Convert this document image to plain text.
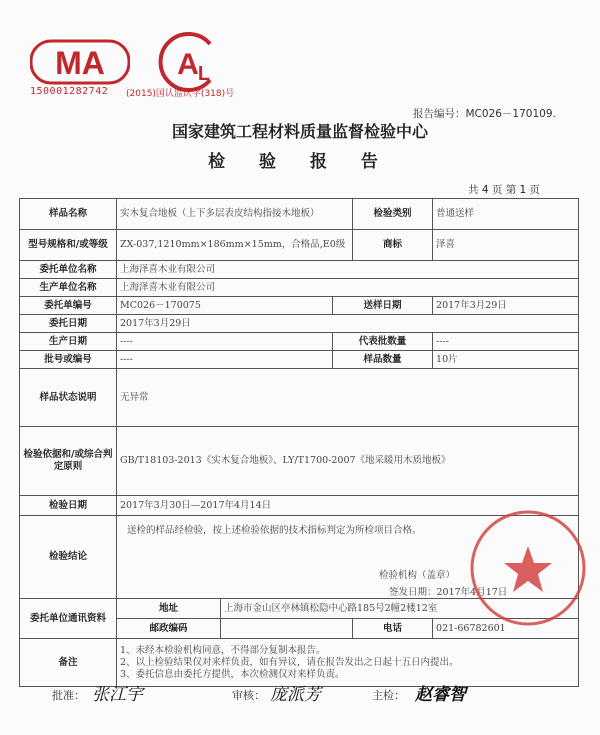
MA A L
150001282742 (2015)国认监认字(318)号
报告编号：MC026－170109.
国家建筑工程材料质量监督检验中心
检 验 报 告
共 4 页 第 1 页
样品名称	实木复合地板（上下多层表皮结构指接木地板）			检验类别	普通送样
型号规格和/或等级	ZX-037,1210mm×186mm×15mm，合格品,E0级			商标	泽喜
委托单位名称	上海泽喜木业有限公司				
生产单位名称	上海泽喜木业有限公司				
委托单编号	MC026－170075		送样日期		2017年3月29日
委托日期	2017年3月29日				
生产日期	----		代表批数量		----
批号或编号	----		样品数量		10片
样品状态说明	无异常				
检验依据和/或综合判定原则	GB/T18103-2013《实木复合地板》、LY/T1700-2007《地采暖用木质地板》				
检验日期	2017年3月30日—2017年4月14日				
检验结论	送检的样品经检验，按上述检验依据的技术指标判定为所检项目合格。
检验机构（盖章）
签发日期：2017年4月17日				

委托单位通讯资料	地址	上海市金山区亭林镇松隐中心路185号2幢2楼12室			
	邮政编码			电话	021-66782601
备注	1、未经本检验机构同意，不得部分复制本报告。
2、以上检验结果仅对来样负责，如有异议，请在报告发出之日起十五日内提出。
3、委托信息由委托方提供，本次检测仅对来样负责。				
批准： 张江宇	审核： 庞派芳	主检： 赵睿智
